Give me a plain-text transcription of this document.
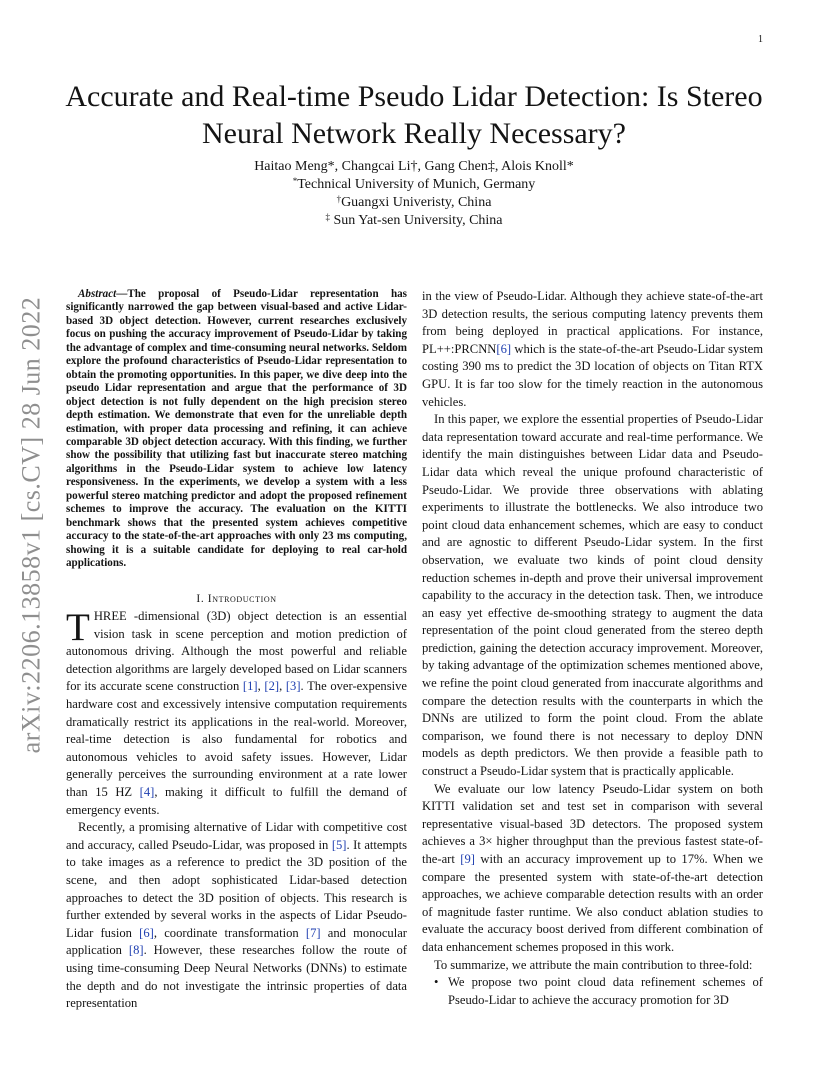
1
arXiv:2206.13858v1 [cs.CV] 28 Jun 2022
Accurate and Real-time Pseudo Lidar Detection: Is Stereo Neural Network Really Necessary?
Haitao Meng*, Changcai Li†, Gang Chen‡, Alois Knoll*
*Technical University of Munich, Germany
†Guangxi Univeristy, China
‡ Sun Yat-sen University, China

Abstract—The proposal of Pseudo-Lidar representation has significantly narrowed the gap between visual-based and active Lidar-based 3D object detection. However, current researches exclusively focus on pushing the accuracy improvement of Pseudo-Lidar by taking the advantage of complex and time-consuming neural networks. Seldom explore the profound characteristics of Pseudo-Lidar representation to obtain the promoting opportunities. In this paper, we dive deep into the pseudo Lidar representation and argue that the performance of 3D object detection is not fully dependent on the high precision stereo depth estimation. We demonstrate that even for the unreliable depth estimation, with proper data processing and refining, it can achieve comparable 3D object detection accuracy. With this finding, we further show the possibility that utilizing fast but inaccurate stereo matching algorithms in the Pseudo-Lidar system to achieve low latency responsiveness. In the experiments, we develop a system with a less powerful stereo matching predictor and adopt the proposed refinement schemes to improve the accuracy. The evaluation on the KITTI benchmark shows that the presented system achieves competitive accuracy to the state-of-the-art approaches with only 23 ms computing, showing it is a suitable candidate for deploying to real car-hold applications.

I. Introduction

THREE -dimensional (3D) object detection is an essential vision task in scene perception and motion prediction of autonomous driving. Although the most powerful and reliable detection algorithms are largely developed based on Lidar scanners for its accurate scene construction [1], [2], [3]. The over-expensive hardware cost and excessively intensive computation requirements dramatically restrict its applications in the real-world. Moreover, real-time detection is also fundamental for robotics and autonomous vehicles to avoid safety issues. However, Lidar generally perceives the surrounding environment at a rate lower than 15 HZ [4], making it difficult to fulfill the demand of emergency events.

Recently, a promising alternative of Lidar with competitive cost and accuracy, called Pseudo-Lidar, was proposed in [5]. It attempts to take images as a reference to predict the 3D position of the scene, and then adopt sophisticated Lidar-based detection approaches to detect the 3D position of objects. This research is further extended by several works in the aspects of Lidar Pseudo-Lidar fusion [6], coordinate transformation [7] and monocular application [8]. However, these researches follow the route of using time-consuming Deep Neural Networks (DNNs) to estimate the depth and do not investigate the intrinsic properties of data representation

in the view of Pseudo-Lidar. Although they achieve state-of-the-art 3D detection results, the serious computing latency prevents them from being deployed in practical applications. For instance, PL++:PRCNN[6] which is the state-of-the-art Pseudo-Lidar system costing 390 ms to predict the 3D location of objects on Titan RTX GPU. It is far too slow for the timely reaction in the autonomous vehicles.

In this paper, we explore the essential properties of Pseudo-Lidar data representation toward accurate and real-time performance. We identify the main distinguishes between Lidar data and Pseudo-Lidar data which reveal the unique profound characteristic of Pseudo-Lidar. We provide three observations with ablating experiments to illustrate the bottlenecks. We also introduce two point cloud data enhancement schemes, which are easy to conduct and are agnostic to different Pseudo-Lidar system. In the first observation, we evaluate two kinds of point cloud density reduction schemes in-depth and prove their universal improvement capability to the accuracy in the detection task. Then, we introduce an easy yet effective de-smoothing strategy to augment the data representation of the point cloud generated from the stereo depth prediction, gaining the detection accuracy improvement. Moreover, by taking advantage of the optimization schemes mentioned above, we refine the point cloud generated from inaccurate algorithms and compare the detection results with the counterparts in which the DNNs are utilized to form the point cloud. From the ablate comparison, we found there is not necessary to deploy DNN models as depth predictors. We then provide a feasible path to construct a Pseudo-Lidar system that is practically applicable.

We evaluate our low latency Pseudo-Lidar system on both KITTI validation set and test set in comparison with several representative visual-based 3D detectors. The proposed system achieves a 3× higher throughput than the previous fastest state-of-the-art [9] with an accuracy improvement up to 17%. When we compare the presented system with state-of-the-art detection approaches, we achieve comparable detection results with an order of magnitude faster runtime. We also conduct ablation studies to evaluate the accuracy boost derived from different combination of data enhancement schemes proposed in this work.

To summarize, we attribute the main contribution to three-fold:

• We propose two point cloud data refinement schemes of Pseudo-Lidar to achieve the accuracy promotion for 3D
